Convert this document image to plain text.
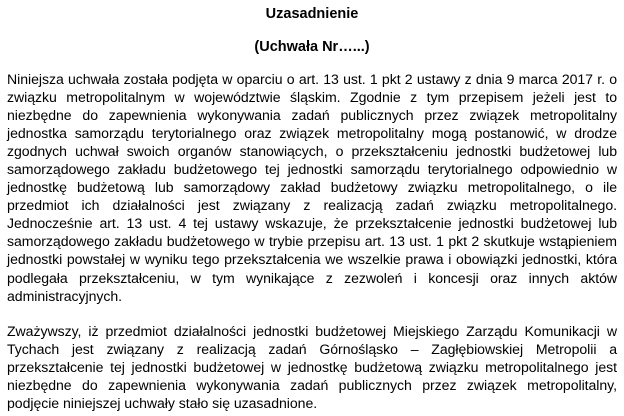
Uzasadnienie
(Uchwała Nr…...)

Niniejsza uchwała została podjęta w oparciu o art. 13 ust. 1 pkt 2 ustawy z dnia 9 marca 2017 r. o związku metropolitalnym w województwie śląskim. Zgodnie z tym przepisem jeżeli jest to niezbędne do zapewnienia wykonywania zadań publicznych przez związek metropolitalny jednostka samorządu terytorialnego oraz związek metropolitalny mogą postanowić, w drodze zgodnych uchwał swoich organów stanowiących, o przekształceniu jednostki budżetowej lub samorządowego zakładu budżetowego tej jednostki samorządu terytorialnego odpowiednio w jednostkę budżetową lub samorządowy zakład budżetowy związku metropolitalnego, o ile przedmiot ich działalności jest związany z realizacją zadań związku metropolitalnego. Jednocześnie art. 13 ust. 4 tej ustawy wskazuje, że przekształcenie jednostki budżetowej lub samorządowego zakładu budżetowego w trybie przepisu art. 13 ust. 1 pkt 2 skutkuje wstąpieniem jednostki powstałej w wyniku tego przekształcenia we wszelkie prawa i obowiązki jednostki, która podlegała przekształceniu, w tym wynikające z zezwoleń i koncesji oraz innych aktów administracyjnych.

Zważywszy, iż przedmiot działalności jednostki budżetowej Miejskiego Zarządu Komunikacji w Tychach jest związany z realizacją zadań Górnośląsko – Zagłębiowskiej Metropolii a przekształcenie tej jednostki budżetowej w jednostkę budżetową związku metropolitalnego jest niezbędne do zapewnienia wykonywania zadań publicznych przez związek metropolitalny, podjęcie niniejszej uchwały stało się uzasadnione.
